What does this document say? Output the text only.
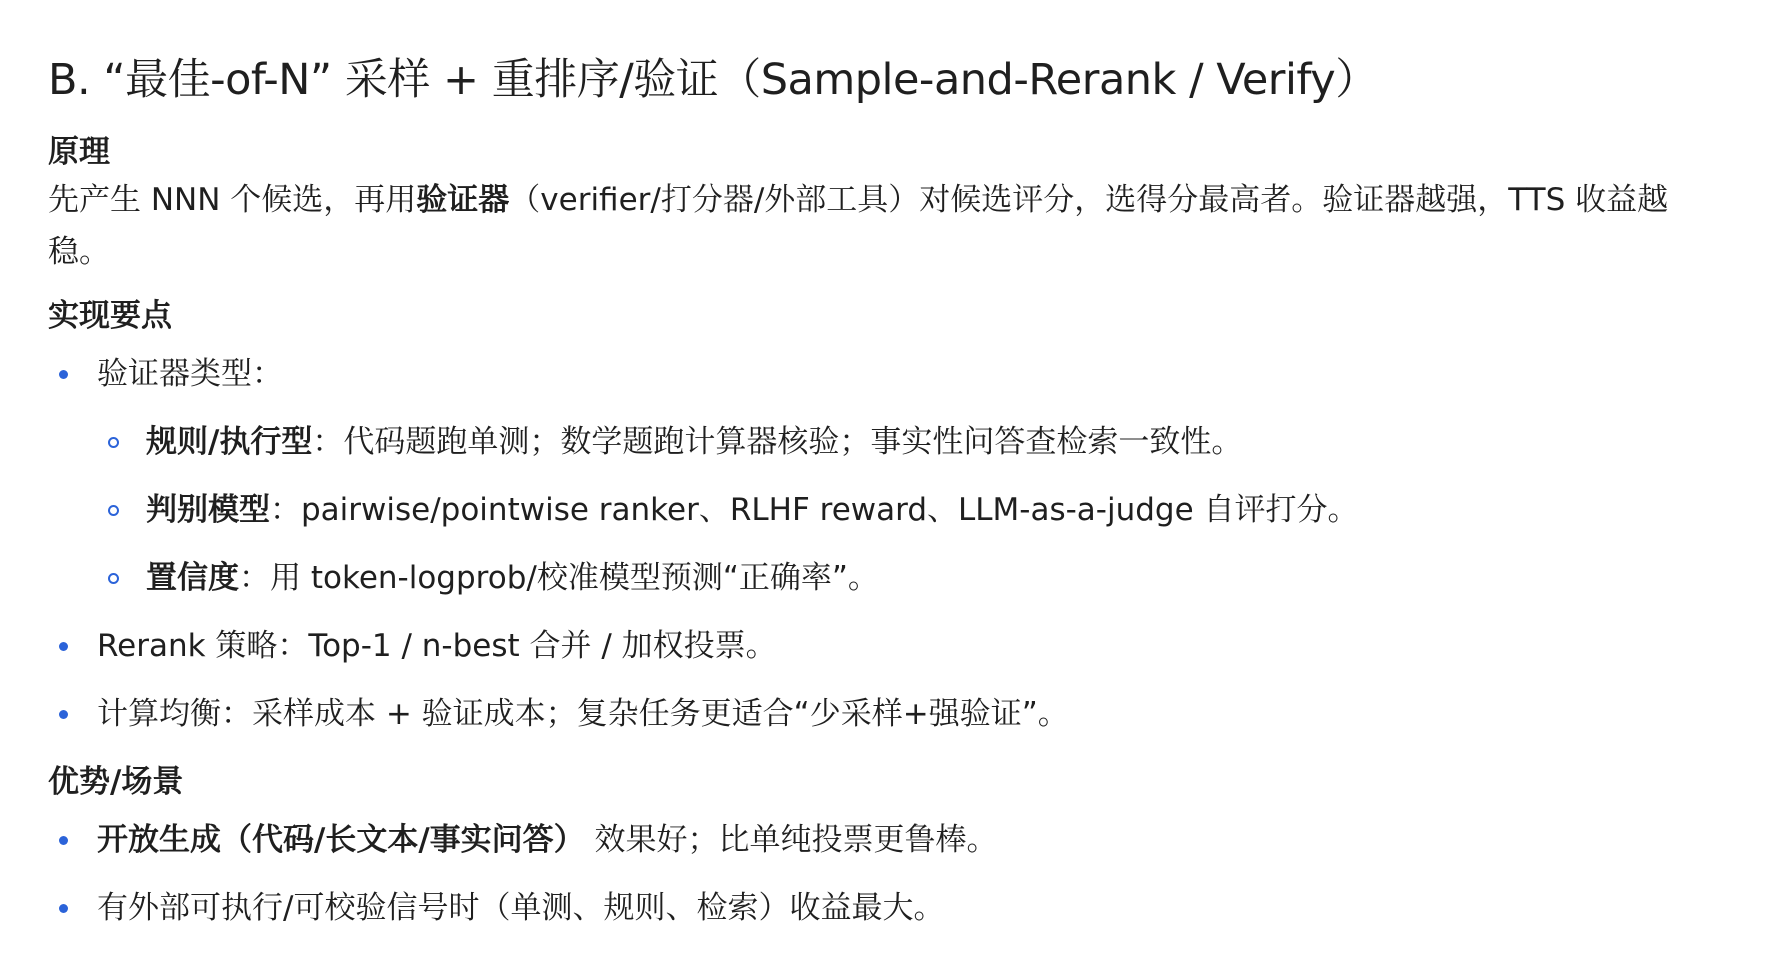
B. “最佳-of-N” 采样 + 重排序/验证（Sample-and-Rerank / Verify）
原理

先产生 NNN 个候选，再用验证器（verifier/打分器/外部工具）对候选评分，选得分最高者。验证器越强，TTS 收益越稳。

实现要点
验证器类型：
规则/执行型：代码题跑单测；数学题跑计算器核验；事实性问答查检索一致性。
判别模型：pairwise/pointwise ranker、RLHF reward、LLM-as-a-judge 自评打分。
置信度：用 token-logprob/校准模型预测“正确率”。
Rerank 策略：Top-1 / n-best 合并 / 加权投票。
计算均衡：采样成本 + 验证成本；复杂任务更适合“少采样+强验证”。
优势/场景
开放生成（代码/长文本/事实问答） 效果好；比单纯投票更鲁棒。
有外部可执行/可校验信号时（单测、规则、检索）收益最大。
